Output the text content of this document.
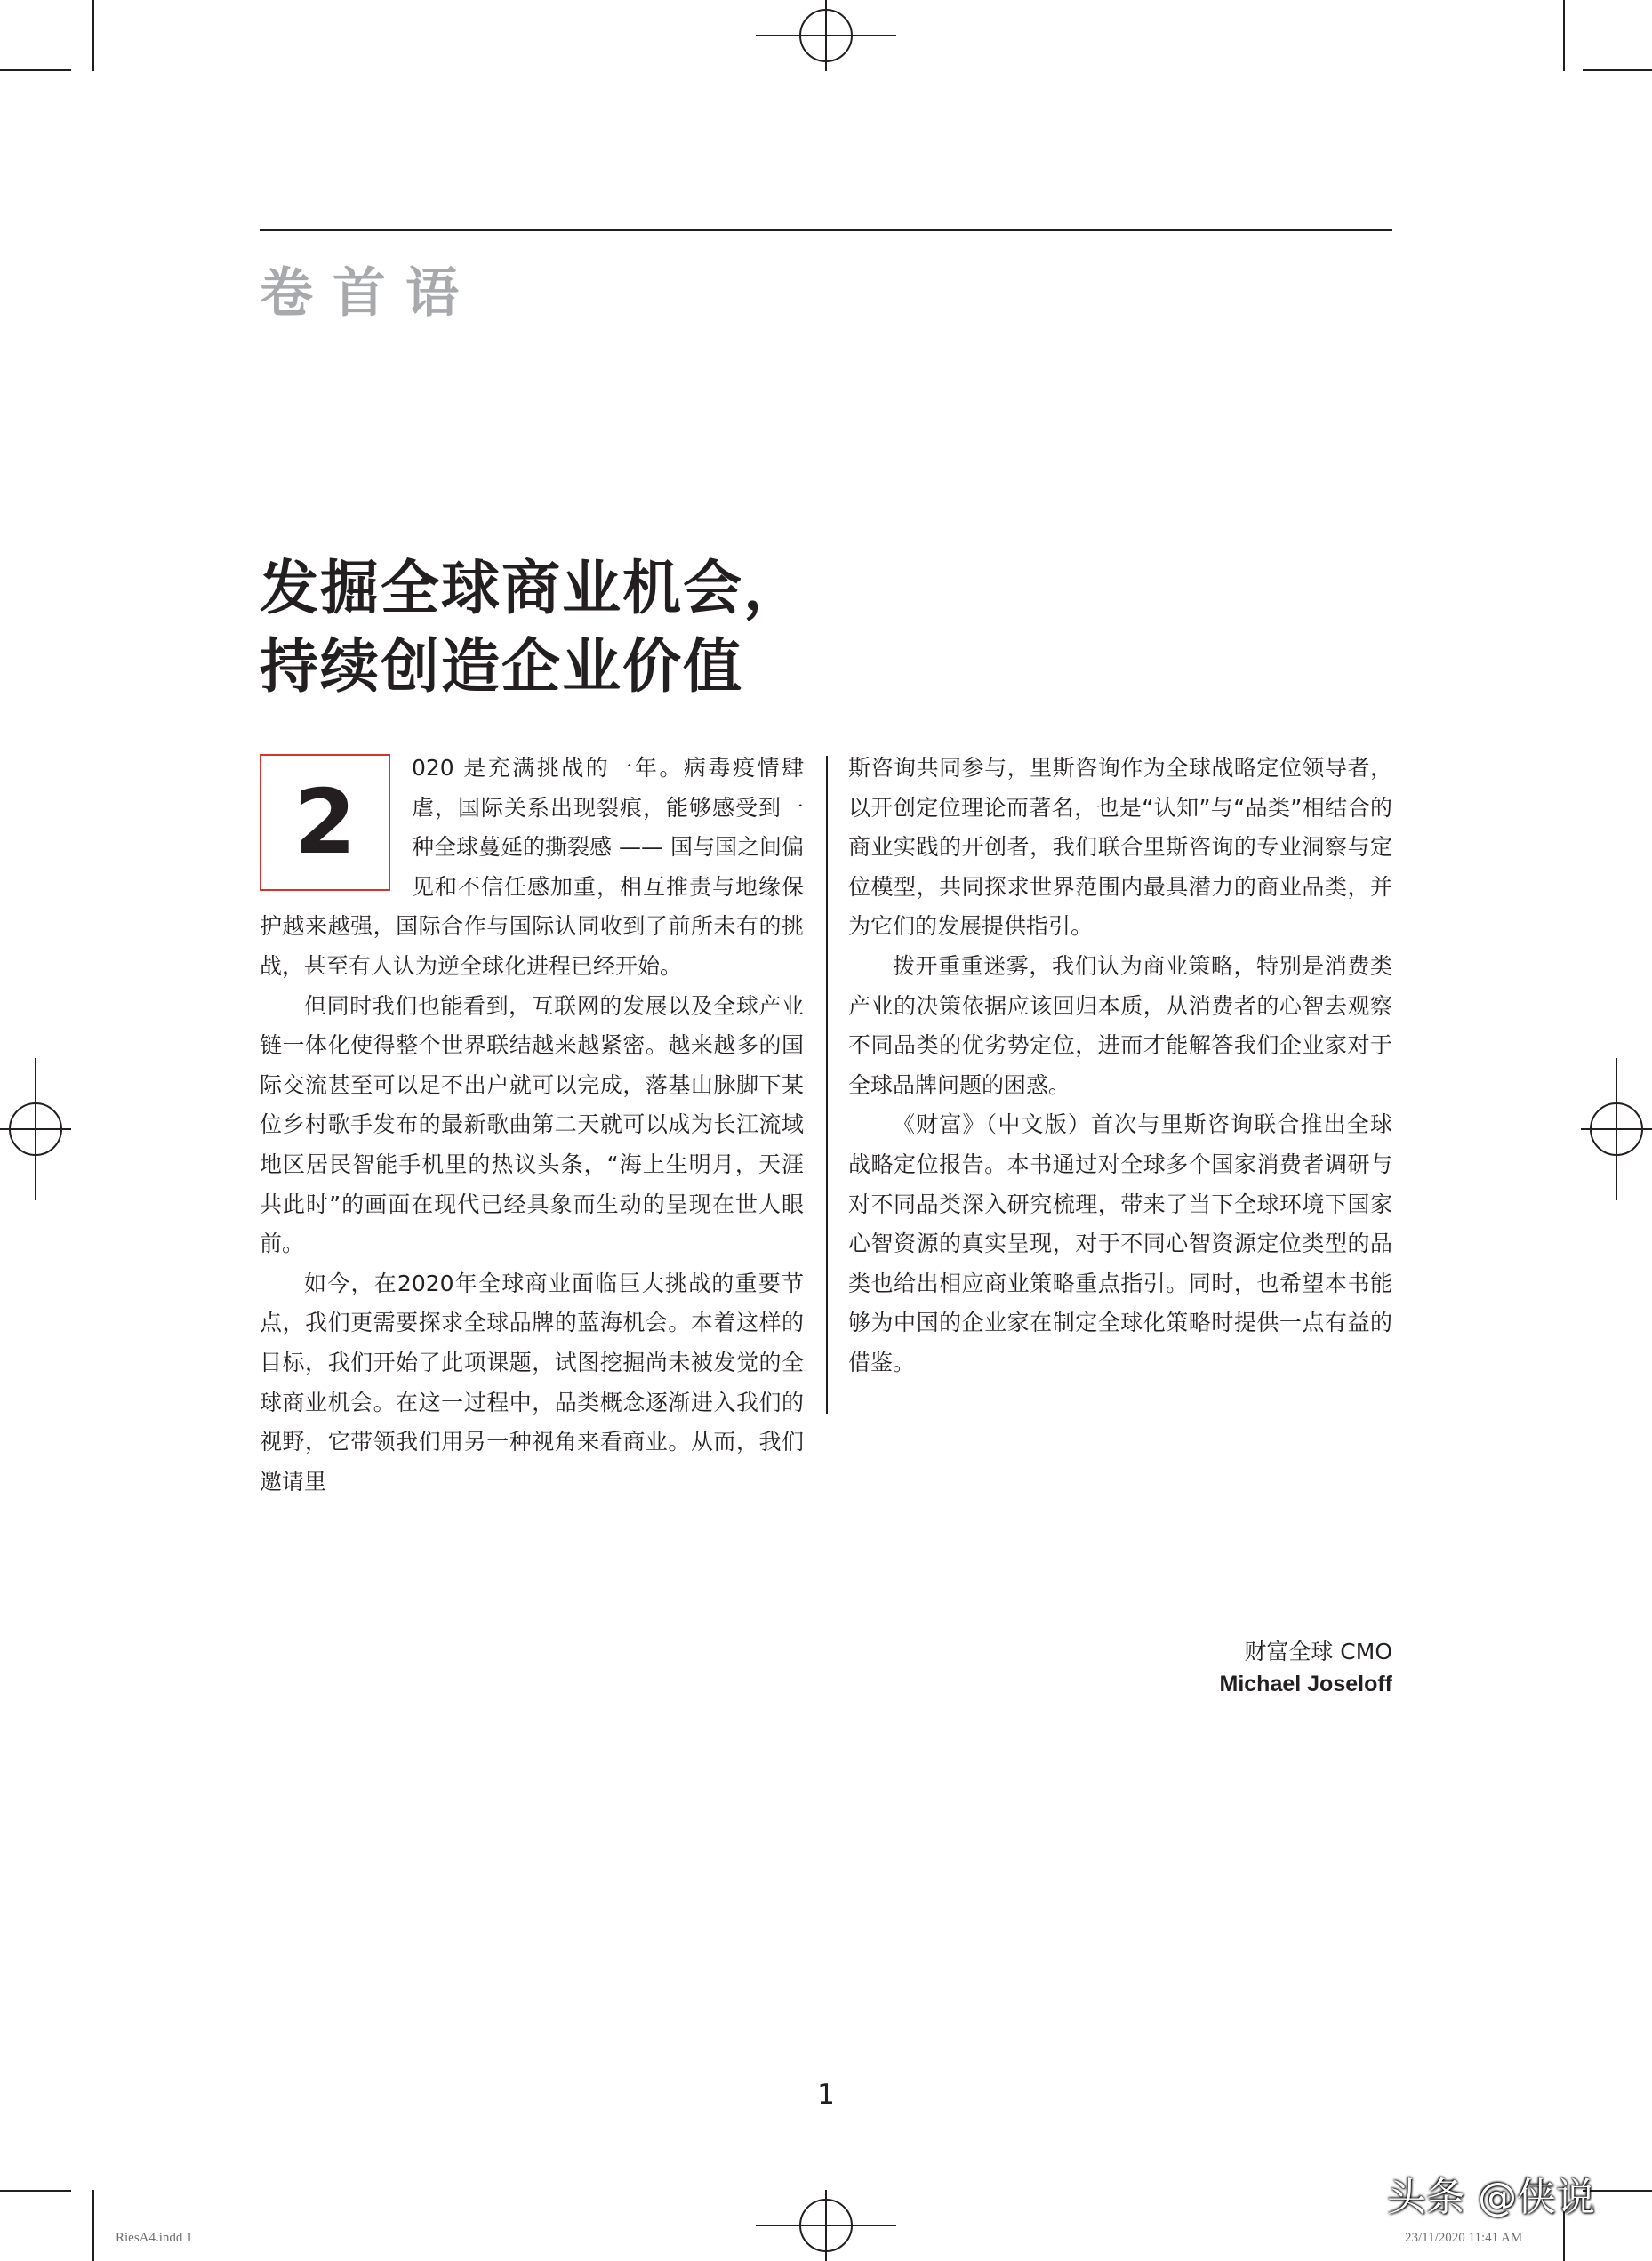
卷首语
发掘全球商业机会，
持续创造企业价值

2
020 是充满挑战的一年。病毒疫情肆虐，国际关系出现裂痕，能够感受到一种全球蔓延的撕裂感 —— 国与国之间偏见和不信任感加重，相互推责与地缘保护越来越强，国际合作与国际认同收到了前所未有的挑战，甚至有人认为逆全球化进程已经开始。

但同时我们也能看到，互联网的发展以及全球产业链一体化使得整个世界联结越来越紧密。越来越多的国际交流甚至可以足不出户就可以完成，落基山脉脚下某位乡村歌手发布的最新歌曲第二天就可以成为长江流域地区居民智能手机里的热议头条，“海上生明月，天涯共此时”的画面在现代已经具象而生动的呈现在世人眼前。

如今，在2020年全球商业面临巨大挑战的重要节点，我们更需要探求全球品牌的蓝海机会。本着这样的目标，我们开始了此项课题，试图挖掘尚未被发觉的全球商业机会。在这一过程中，品类概念逐渐进入我们的视野，它带领我们用另一种视角来看商业。从而，我们邀请里

斯咨询共同参与，里斯咨询作为全球战略定位领导者，以开创定位理论而著名，也是“认知”与“品类”相结合的商业实践的开创者，我们联合里斯咨询的专业洞察与定位模型，共同探求世界范围内最具潜力的商业品类，并为它们的发展提供指引。

拨开重重迷雾，我们认为商业策略，特别是消费类产业的决策依据应该回归本质，从消费者的心智去观察不同品类的优劣势定位，进而才能解答我们企业家对于全球品牌问题的困惑。

《财富》（中文版）首次与里斯咨询联合推出全球战略定位报告。本书通过对全球多个国家消费者调研与对不同品类深入研究梳理，带来了当下全球环境下国家心智资源的真实呈现，对于不同心智资源定位类型的品类也给出相应商业策略重点指引。同时，也希望本书能够为中国的企业家在制定全球化策略时提供一点有益的借鉴。

财富全球 CMO
Michael Joseloff
1
RiesA4.indd 1	23/11/2020 11:41 AM
头条 @侠说
